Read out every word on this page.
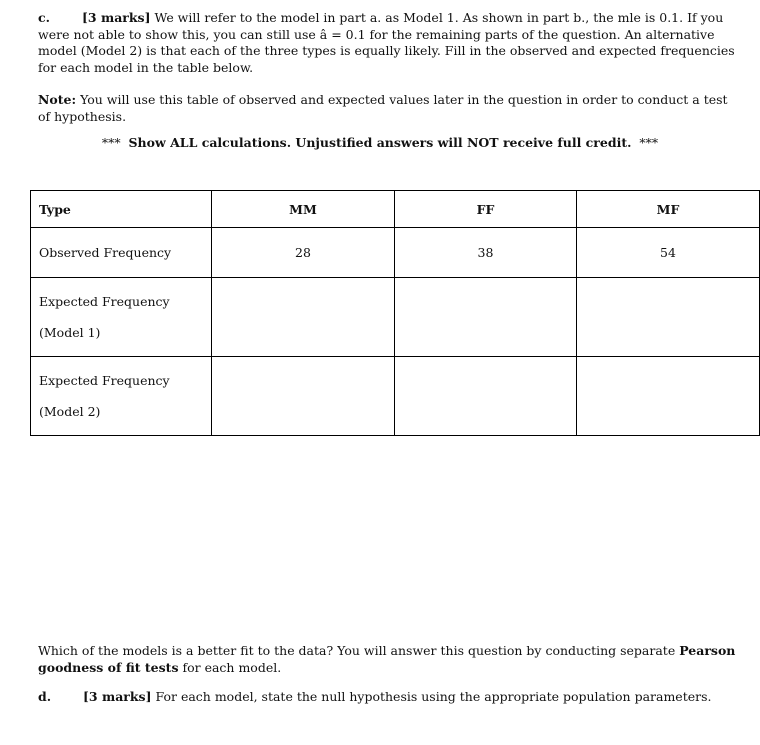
c.	[3 marks] We will refer to the model in part a. as Model 1. As shown in part b., the mle is 0.1. If you were not able to show this, you can still use â = 0.1 for the remaining parts of the question. An alternative model (Model 2) is that each of the three types is equally likely. Fill in the observed and expected frequencies for each model in the table below.

Note: You will use this table of observed and expected values later in the question in order to conduct a test of hypothesis.

*** Show ALL calculations. Unjustified answers will NOT receive full credit. ***
Type	MM	FF	MF
Observed Frequency	28	38	54

Expected Frequency
(Model 1)			

Expected Frequency
(Model 2)			

Which of the models is a better fit to the data? You will answer this question by conducting separate Pearson goodness of fit tests for each model.

d.	[3 marks] For each model, state the null hypothesis using the appropriate population parameters.
